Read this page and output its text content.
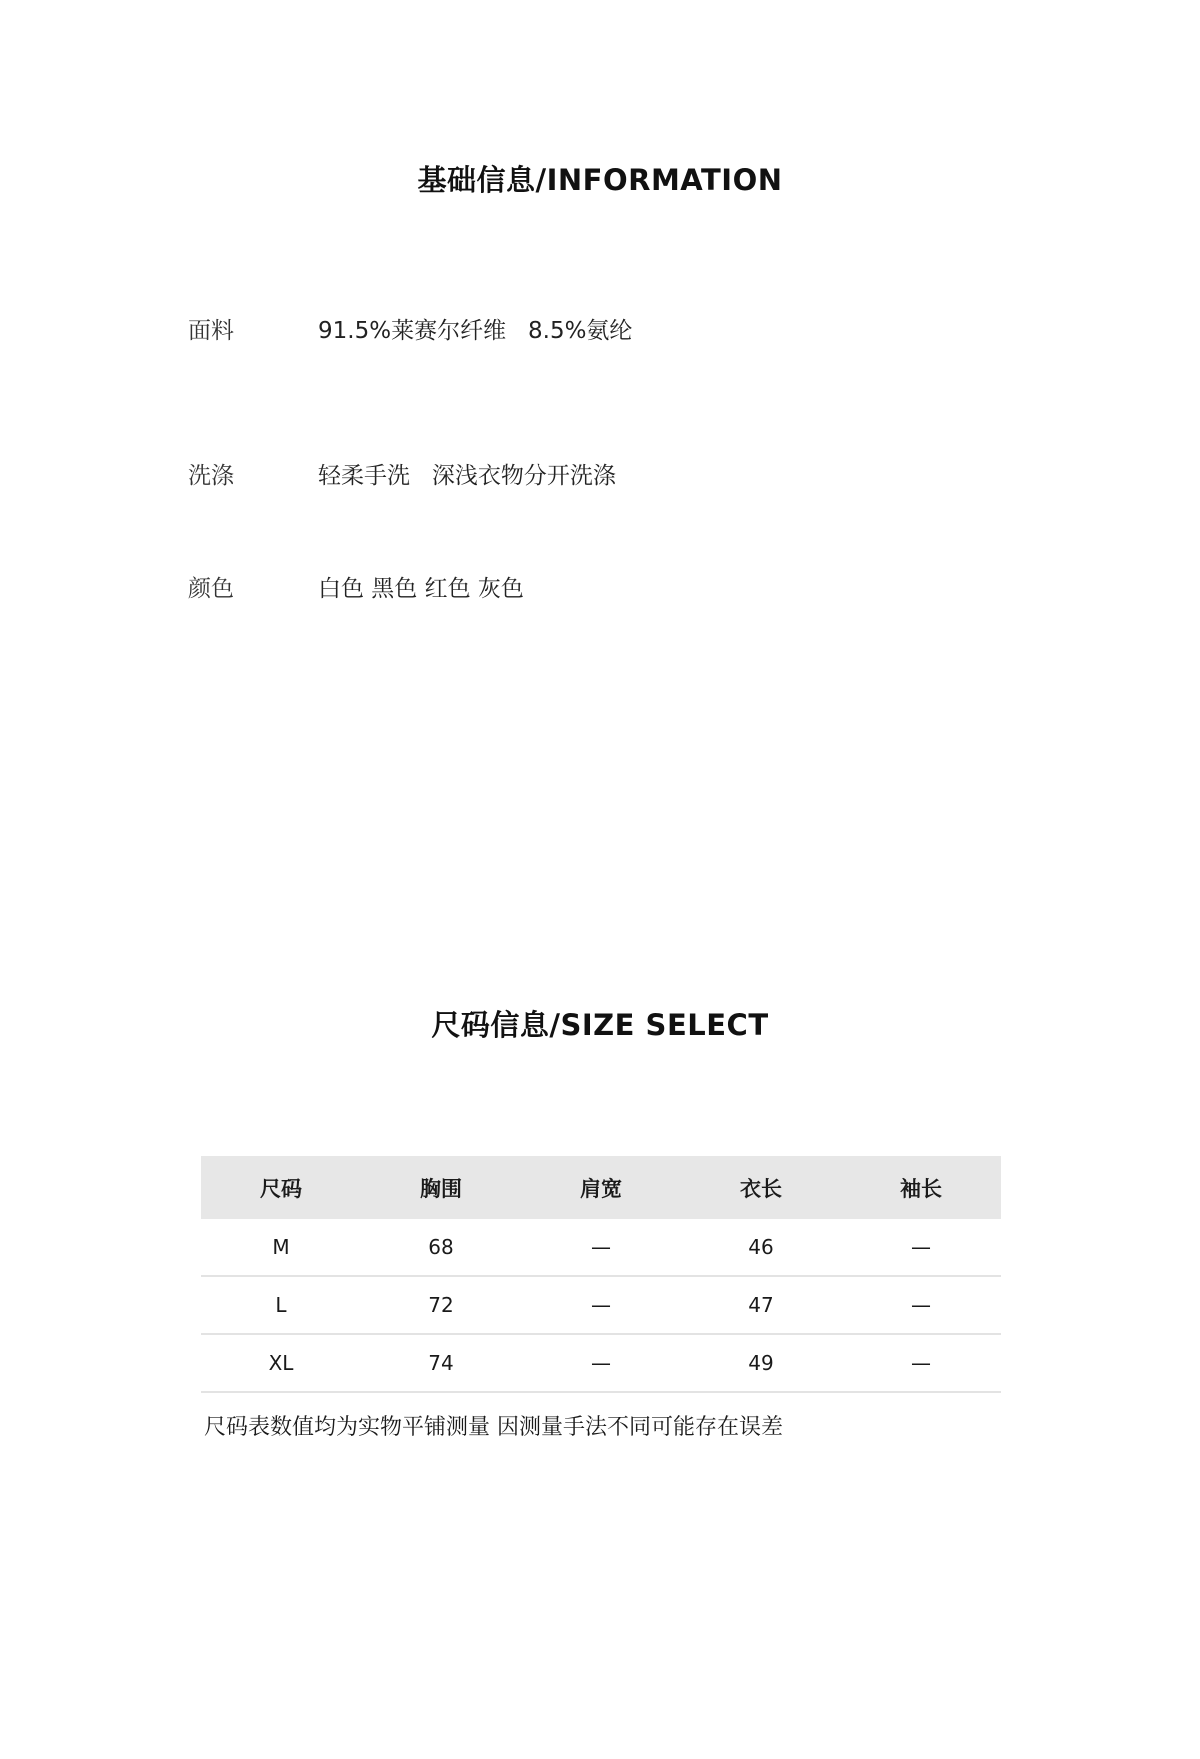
基础信息/INFORMATION
面料	91.5%莱赛尔纤维   8.5%氨纶
洗涤	轻柔手洗   深浅衣物分开洗涤
颜色	白色 黑色 红色 灰色
尺码信息/SIZE SELECT
尺码	胸围	肩宽	衣长	袖长
M	68	—	46	—
L	72	—	47	—
XL	74	—	49	—
尺码表数值均为实物平铺测量 因测量手法不同可能存在误差
